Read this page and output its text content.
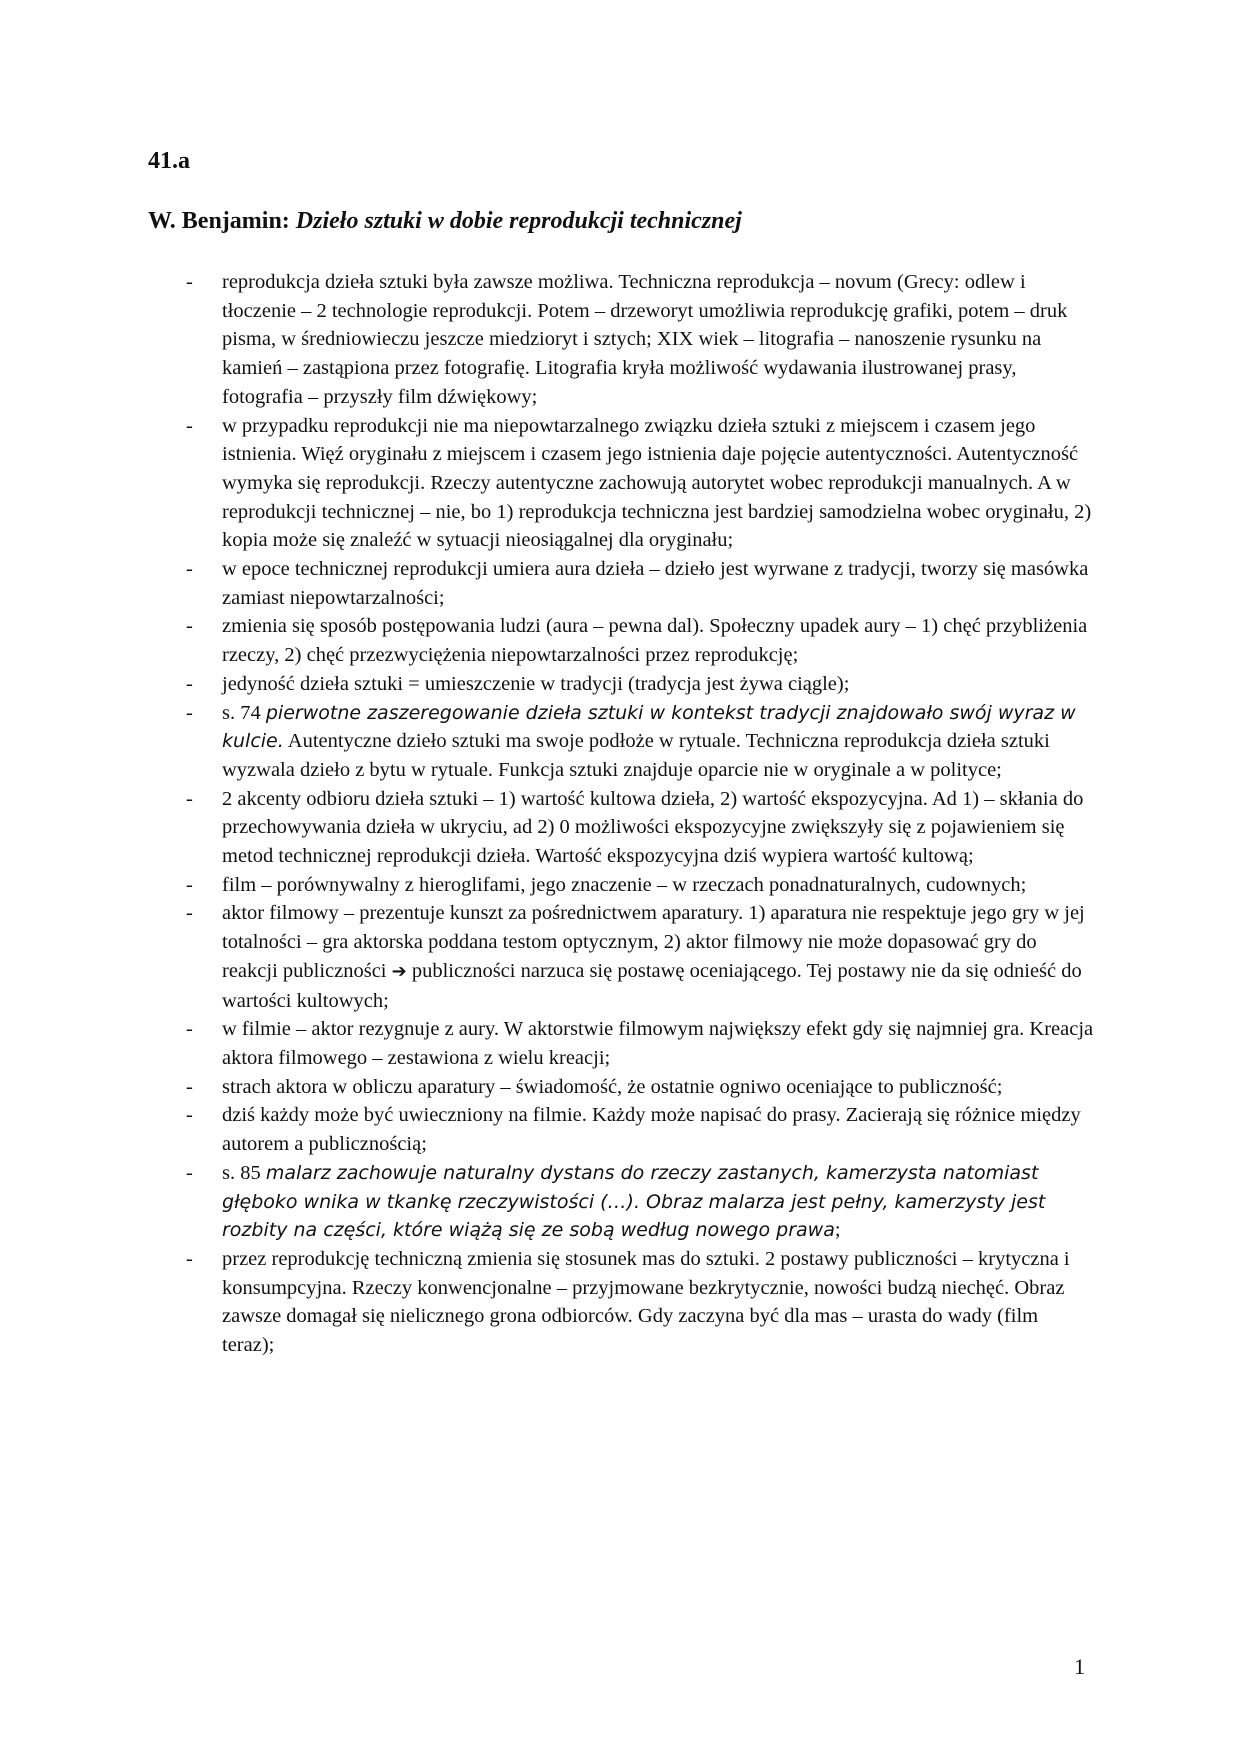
41.a
W. Benjamin: Dzieło sztuki w dobie reprodukcji technicznej
- reprodukcja dzieła sztuki była zawsze możliwa. Techniczna reprodukcja – novum (Grecy: odlew i tłoczenie – 2 technologie reprodukcji. Potem – drzeworyt umożliwia reprodukcję grafiki, potem – druk pisma, w średniowieczu jeszcze miedzioryt i sztych; XIX wiek – litografia – nanoszenie rysunku na kamień – zastąpiona przez fotografię. Litografia kryła możliwość wydawania ilustrowanej prasy, fotografia – przyszły film dźwiękowy;
- w przypadku reprodukcji nie ma niepowtarzalnego związku dzieła sztuki z miejscem i czasem jego istnienia. Więź oryginału z miejscem i czasem jego istnienia daje pojęcie autentyczności. Autentyczność wymyka się reprodukcji. Rzeczy autentyczne zachowują autorytet wobec reprodukcji manualnych. A w reprodukcji technicznej – nie, bo 1) reprodukcja techniczna jest bardziej samodzielna wobec oryginału, 2) kopia może się znaleźć w sytuacji nieosiągalnej dla oryginału;
- w epoce technicznej reprodukcji umiera aura dzieła – dzieło jest wyrwane z tradycji, tworzy się masówka zamiast niepowtarzalności;
- zmienia się sposób postępowania ludzi (aura – pewna dal). Społeczny upadek aury – 1) chęć przybliżenia rzeczy, 2) chęć przezwyciężenia niepowtarzalności przez reprodukcję;
- jedyność dzieła sztuki = umieszczenie w tradycji (tradycja jest żywa ciągle);
- s. 74 pierwotne zaszeregowanie dzieła sztuki w kontekst tradycji znajdowało swój wyraz w kulcie. Autentyczne dzieło sztuki ma swoje podłoże w rytuale. Techniczna reprodukcja dzieła sztuki wyzwala dzieło z bytu w rytuale. Funkcja sztuki znajduje oparcie nie w oryginale a w polityce;
- 2 akcenty odbioru dzieła sztuki – 1) wartość kultowa dzieła, 2) wartość ekspozycyjna. Ad 1) – skłania do przechowywania dzieła w ukryciu, ad 2) 0 możliwości ekspozycyjne zwiększyły się z pojawieniem się metod technicznej reprodukcji dzieła. Wartość ekspozycyjna dziś wypiera wartość kultową;
- film – porównywalny z hieroglifami, jego znaczenie – w rzeczach ponadnaturalnych, cudownych;
- aktor filmowy – prezentuje kunszt za pośrednictwem aparatury. 1) aparatura nie respektuje jego gry w jej totalności – gra aktorska poddana testom optycznym, 2) aktor filmowy nie może dopasować gry do reakcji publiczności ➔ publiczności narzuca się postawę oceniającego. Tej postawy nie da się odnieść do wartości kultowych;
- w filmie – aktor rezygnuje z aury. W aktorstwie filmowym największy efekt gdy się najmniej gra. Kreacja aktora filmowego – zestawiona z wielu kreacji;
- strach aktora w obliczu aparatury – świadomość, że ostatnie ogniwo oceniające to publiczność;
- dziś każdy może być uwieczniony na filmie. Każdy może napisać do prasy. Zacierają się różnice między autorem a publicznością;
- s. 85 malarz zachowuje naturalny dystans do rzeczy zastanych, kamerzysta natomiast głęboko wnika w tkankę rzeczywistości (…). Obraz malarza jest pełny, kamerzysty jest rozbity na części, które wiążą się ze sobą według nowego prawa;
- przez reprodukcję techniczną zmienia się stosunek mas do sztuki. 2 postawy publiczności – krytyczna i konsumpcyjna. Rzeczy konwencjonalne – przyjmowane bezkrytycznie, nowości budzą niechęć. Obraz zawsze domagał się nielicznego grona odbiorców. Gdy zaczyna być dla mas – urasta do wady (film teraz);
1
